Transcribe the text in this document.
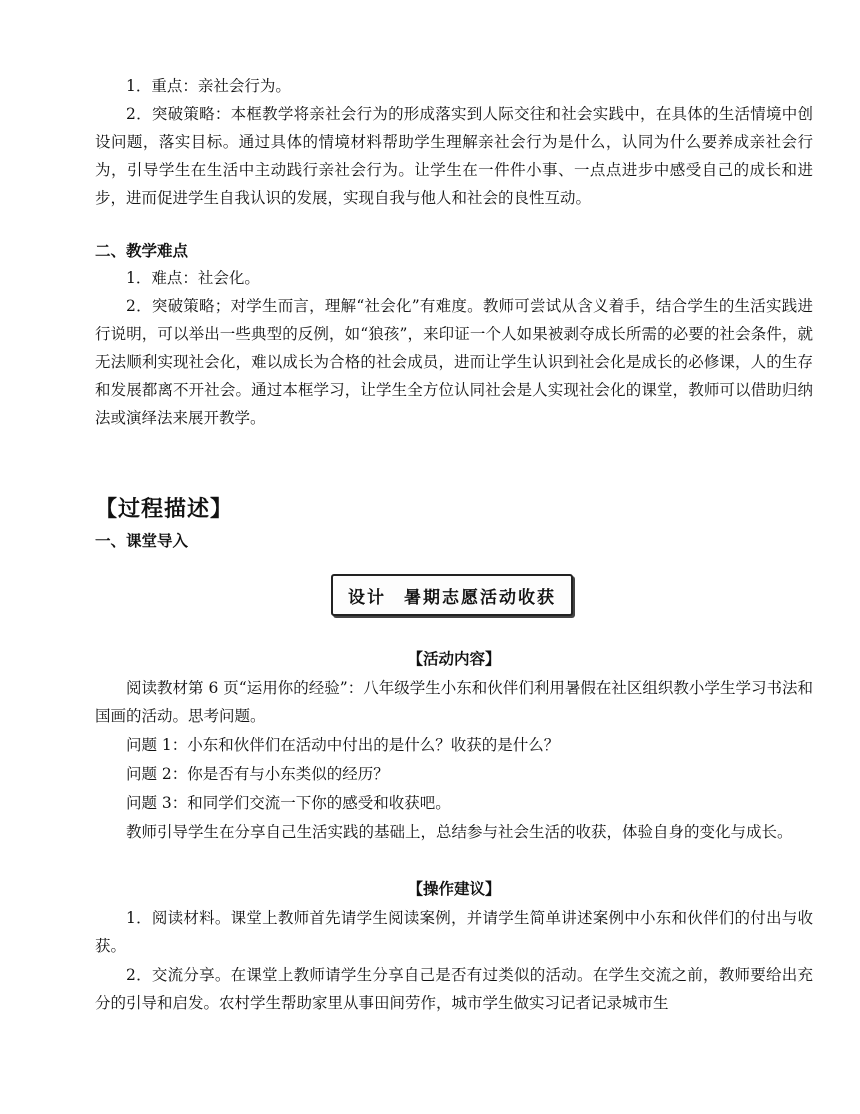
1．重点：亲社会行为。

2．突破策略：本框教学将亲社会行为的形成落实到人际交往和社会实践中，在具体的生活情境中创设问题，落实目标。通过具体的情境材料帮助学生理解亲社会行为是什么，认同为什么要养成亲社会行为，引导学生在生活中主动践行亲社会行为。让学生在一件件小事、一点点进步中感受自己的成长和进步，进而促进学生自我认识的发展，实现自我与他人和社会的良性互动。

二、教学难点

1．难点：社会化。

2．突破策略；对学生而言，理解“社会化”有难度。教师可尝试从含义着手，结合学生的生活实践进行说明，可以举出一些典型的反例，如“狼孩”，来印证一个人如果被剥夺成长所需的必要的社会条件，就无法顺利实现社会化，难以成长为合格的社会成员，进而让学生认识到社会化是成长的必修课，人的生存和发展都离不开社会。通过本框学习，让学生全方位认同社会是人实现社会化的课堂，教师可以借助归纳法或演绎法来展开教学。

【过程描述】

一、课堂导入

设计 暑期志愿活动收获

【活动内容】

阅读教材第 6 页“运用你的经验”：八年级学生小东和伙伴们利用暑假在社区组织教小学生学习书法和国画的活动。思考问题。

问题 1：小东和伙伴们在活动中付出的是什么？收获的是什么？

问题 2：你是否有与小东类似的经历？

问题 3：和同学们交流一下你的感受和收获吧。

教师引导学生在分享自己生活实践的基础上，总结参与社会生活的收获，体验自身的变化与成长。

【操作建议】

1．阅读材料。课堂上教师首先请学生阅读案例，并请学生简单讲述案例中小东和伙伴们的付出与收获。

2．交流分享。在课堂上教师请学生分享自己是否有过类似的活动。在学生交流之前，教师要给出充分的引导和启发。农村学生帮助家里从事田间劳作，城市学生做实习记者记录城市生
